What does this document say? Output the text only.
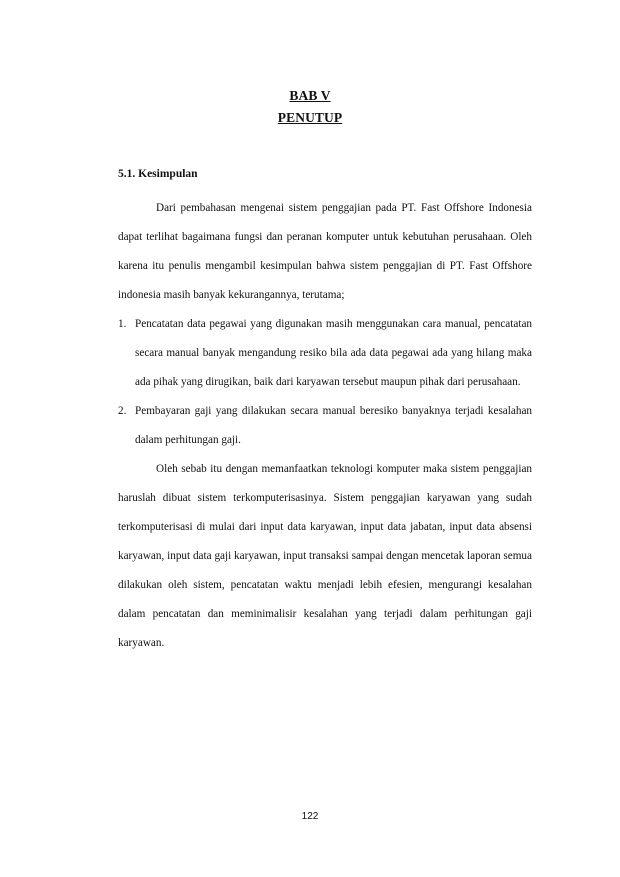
BAB V
PENUTUP
5.1. Kesimpulan

Dari pembahasan mengenai sistem penggajian pada PT. Fast Offshore Indonesia dapat terlihat bagaimana fungsi dan peranan komputer untuk kebutuhan perusahaan. Oleh karena itu penulis mengambil kesimpulan bahwa sistem penggajian di PT. Fast Offshore indonesia masih banyak kekurangannya, terutama;

1. Pencatatan data pegawai yang digunakan masih menggunakan cara manual, pencatatan secara manual banyak mengandung resiko bila ada data pegawai ada yang hilang maka ada pihak yang dirugikan, baik dari karyawan tersebut maupun pihak dari perusahaan.
2. Pembayaran gaji yang dilakukan secara manual beresiko banyaknya terjadi kesalahan dalam perhitungan gaji.

Oleh sebab itu dengan memanfaatkan teknologi komputer maka sistem penggajian haruslah dibuat sistem terkomputerisasinya. Sistem penggajian karyawan yang sudah terkomputerisasi di mulai dari input data karyawan, input data jabatan, input data absensi karyawan, input data gaji karyawan, input transaksi sampai dengan mencetak laporan semua dilakukan oleh sistem, pencatatan waktu menjadi lebih efesien, mengurangi kesalahan dalam pencatatan dan meminimalisir kesalahan yang terjadi dalam perhitungan gaji karyawan.

122
